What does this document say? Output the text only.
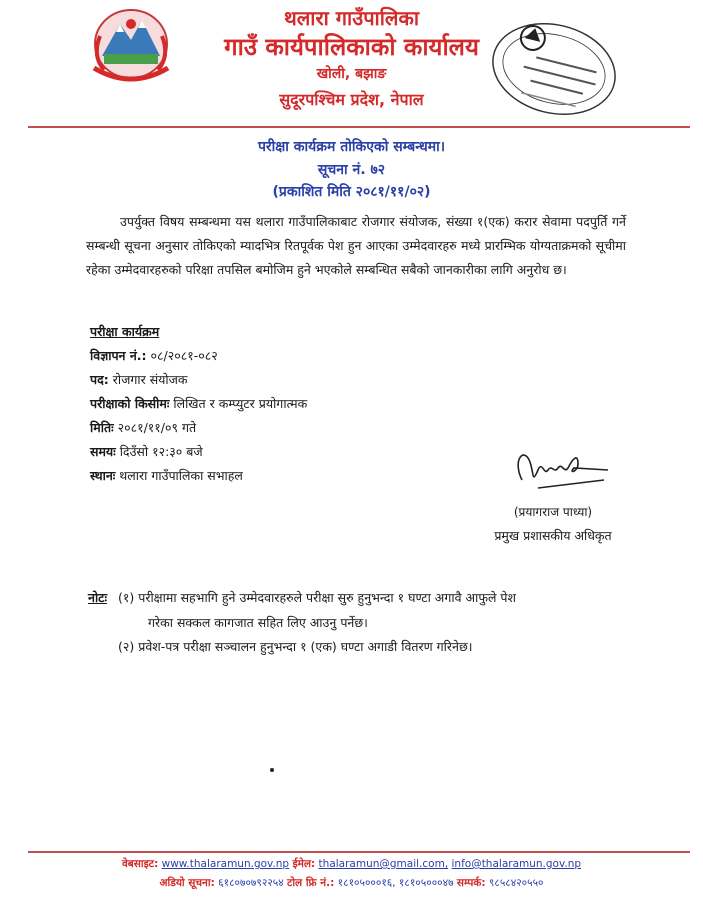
थलारा गाउँपालिका
गाउँ कार्यपालिकाको कार्यालय
खोली, बझाङ
सुदूरपश्चिम प्रदेश, नेपाल
परीक्षा कार्यक्रम तोकिएको सम्बन्धमा।
सूचना नं. ७२
(प्रकाशित मिति २०८१/११/०२)
उपर्युक्त विषय सम्बन्धमा यस थलारा गाउँपालिकाबाट रोजगार संयोजक, संख्या १(एक) करार सेवामा पदपुर्ति गर्ने सम्बन्धी सूचना अनुसार तोकिएको म्यादभित्र रितपूर्वक पेश हुन आएका उम्मेदवारहरु मध्ये प्रारम्भिक योग्यताक्रमको सूचीमा रहेका उम्मेदवारहरुको परिक्षा तपसिल बमोजिम हुने भएकोले सम्बन्धित सबैको जानकारीका लागि अनुरोध छ।
परीक्षा कार्यक्रम
विज्ञापन नं.: ०८/२०८१-०८२
पद: रोजगार संयोजक
परीक्षाको किसीमः लिखित र कम्प्युटर प्रयोगात्मक
मितिः २०८१/११/०९ गते
समयः दिउँसो १२:३० बजे
स्थानः थलारा गाउँपालिका सभाहल
(प्रयागराज पाध्या)
प्रमुख प्रशासकीय अधिकृत
नोटः (१) परीक्षामा सहभागि हुने उम्मेदवारहरुले परीक्षा सुरु हुनुभन्दा १ घण्टा अगावै आफुले पेश
गरेका सक्कल कागजात सहित लिए आउनु पर्नेछ।
(२) प्रवेश-पत्र परीक्षा सञ्चालन हुनुभन्दा १ (एक) घण्टा अगाडी वितरण गरिनेछ।
वेबसाइट: www.thalaramun.gov.np ईमेल: thalaramun@gmail.com, info@thalaramun.gov.np
अडियो सूचना: ६१८०७०७९२२५४ टोल फ्रि नं.: १८१०५०००१६, १८१०५०००४७ सम्पर्क: ९८५८४२०५५०
